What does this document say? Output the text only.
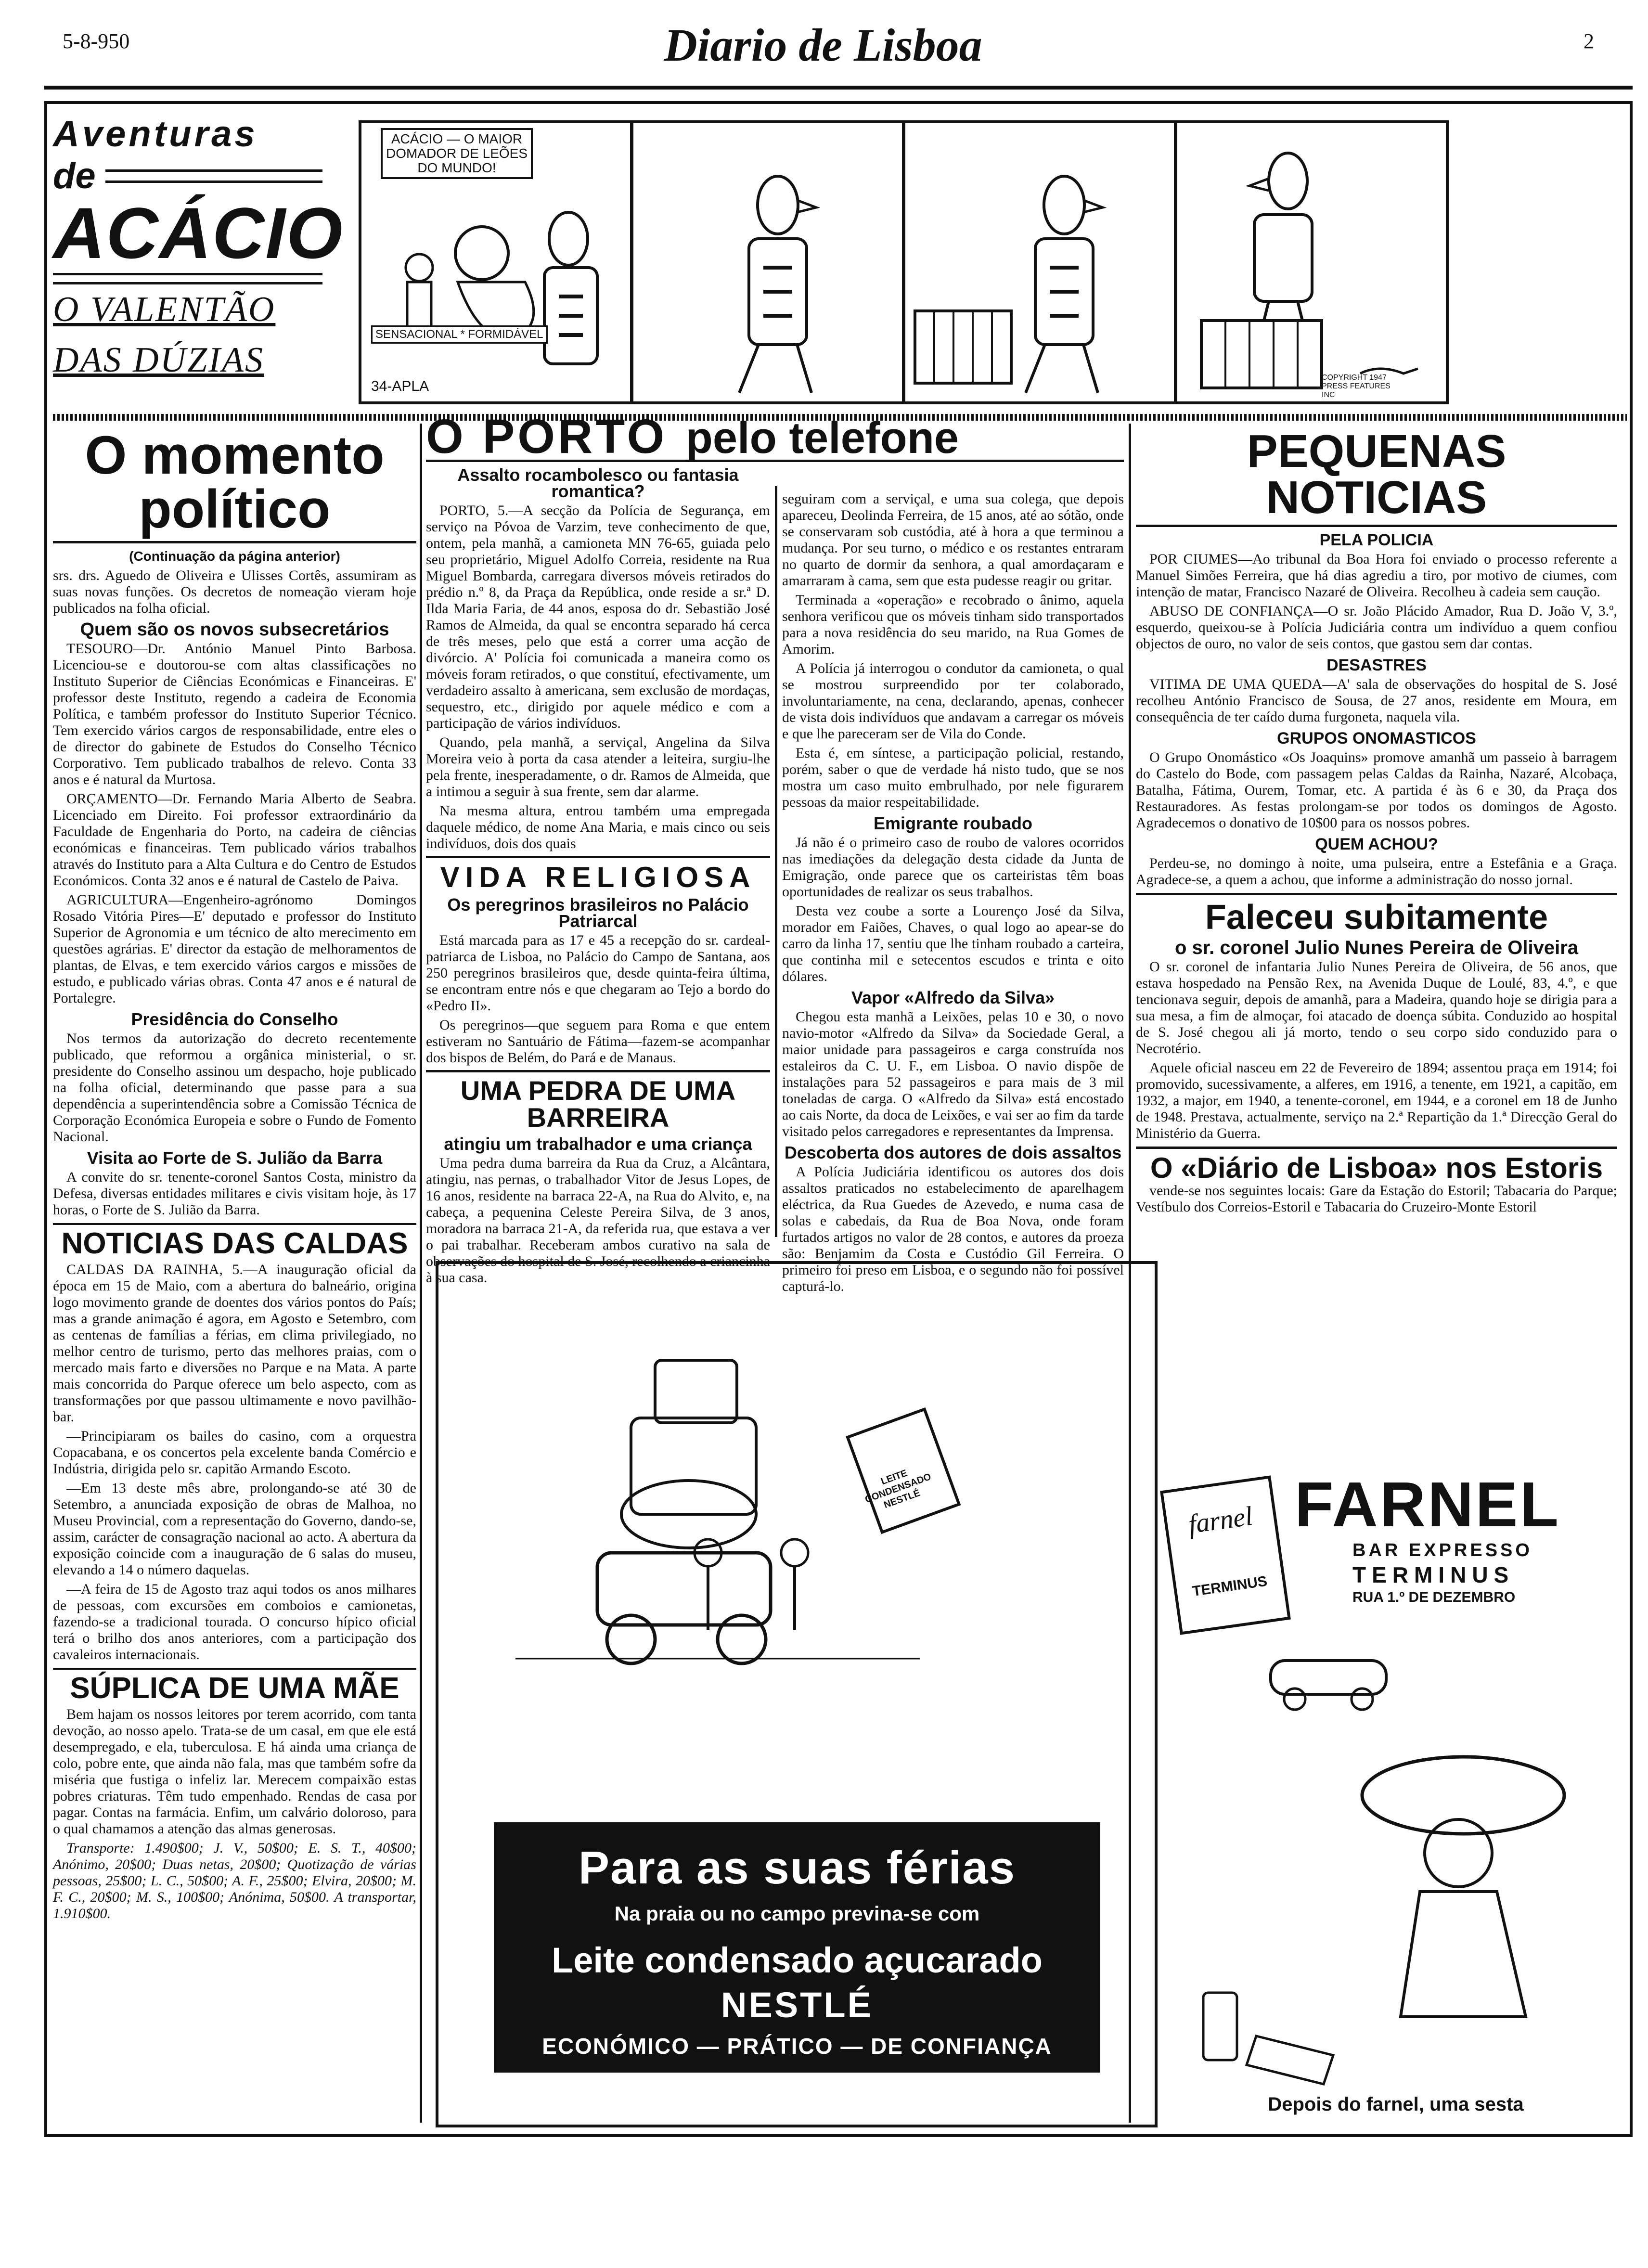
5-8-950	Diario de Lisboa	2
Aventuras
de
ACÁCIO
O VALENTÃO
DAS DÚZIAS
ACÁCIO — O MAIOR DOMADOR DE LEÕES DO MUNDO!
SENSACIONAL * FORMIDÁVEL
34-APLA
COPYRIGHT 1947 PRESS FEATURES INC
O momento político
(Continuação da página anterior)

srs. drs. Aguedo de Oliveira e Ulisses Cortês, assumiram as suas novas funções. Os decretos de nomeação vieram hoje publicados na folha oficial.

Quem são os novos subsecretários

TESOURO—Dr. António Manuel Pinto Barbosa. Licenciou-se e doutorou-se com altas classificações no Instituto Superior de Ciências Económicas e Financeiras. E' professor deste Instituto, regendo a cadeira de Economia Política, e também professor do Instituto Superior Técnico. Tem exercido vários cargos de responsabilidade, entre eles o de director do gabinete de Estudos do Conselho Técnico Corporativo. Tem publicado trabalhos de relevo. Conta 33 anos e é natural da Murtosa.

ORÇAMENTO—Dr. Fernando Maria Alberto de Seabra. Licenciado em Direito. Foi professor extraordinário da Faculdade de Engenharia do Porto, na cadeira de ciências económicas e financeiras. Tem publicado vários trabalhos através do Instituto para a Alta Cultura e do Centro de Estudos Económicos. Conta 32 anos e é natural de Castelo de Paiva.

AGRICULTURA—Engenheiro-agrónomo Domingos Rosado Vitória Pires—E' deputado e professor do Instituto Superior de Agronomia e um técnico de alto merecimento em questões agrárias. E' director da estação de melhoramentos de plantas, de Elvas, e tem exercido vários cargos e missões de estudo, e publicado várias obras. Conta 47 anos e é natural de Portalegre.

Presidência do Conselho

Nos termos da autorização do decreto recentemente publicado, que reformou a orgânica ministerial, o sr. presidente do Conselho assinou um despacho, hoje publicado na folha oficial, determinando que passe para a sua dependência a superintendência sobre a Comissão Técnica de Corporação Económica Europeia e sobre o Fundo de Fomento Nacional.

Visita ao Forte de S. Julião da Barra

A convite do sr. tenente-coronel Santos Costa, ministro da Defesa, diversas entidades militares e civis visitam hoje, às 17 horas, o Forte de S. Julião da Barra.

NOTICIAS DAS CALDAS

CALDAS DA RAINHA, 5.—A inauguração oficial da época em 15 de Maio, com a abertura do balneário, origina logo movimento grande de doentes dos vários pontos do País; mas a grande animação é agora, em Agosto e Setembro, com as centenas de famílias a férias, em clima privilegiado, no melhor centro de turismo, perto das melhores praias, com o mercado mais farto e diversões no Parque e na Mata. A parte mais concorrida do Parque oferece um belo aspecto, com as transformações por que passou ultimamente e novo pavilhão-bar.

—Principiaram os bailes do casino, com a orquestra Copacabana, e os concertos pela excelente banda Comércio e Indústria, dirigida pelo sr. capitão Armando Escoto.

—Em 13 deste mês abre, prolongando-se até 30 de Setembro, a anunciada exposição de obras de Malhoa, no Museu Provincial, com a representação do Governo, dando-se, assim, carácter de consagração nacional ao acto. A abertura da exposição coincide com a inauguração de 6 salas do museu, elevando a 14 o número daquelas.

—A feira de 15 de Agosto traz aqui todos os anos milhares de pessoas, com excursões em comboios e camionetas, fazendo-se a tradicional tourada. O concurso hípico oficial terá o brilho dos anos anteriores, com a participação dos cavaleiros internacionais.

SÚPLICA DE UMA MÃE

Bem hajam os nossos leitores por terem acorrido, com tanta devoção, ao nosso apelo. Trata-se de um casal, em que ele está desempregado, e ela, tuberculosa. E há ainda uma criança de colo, pobre ente, que ainda não fala, mas que também sofre da miséria que fustiga o infeliz lar. Merecem compaixão estas pobres criaturas. Têm tudo empenhado. Rendas de casa por pagar. Contas na farmácia. Enfim, um calvário doloroso, para o qual chamamos a atenção das almas generosas.

Transporte: 1.490$00; J. V., 50$00; E. S. T., 40$00; Anónimo, 20$00; Duas netas, 20$00; Quotização de várias pessoas, 25$00; L. C., 50$00; A. F., 25$00; Elvira, 20$00; M. F. C., 20$00; M. S., 100$00; Anónima, 50$00. A transportar, 1.910$00.

O PORTO pelo telefone
Assalto rocambolesco ou fantasia romantica?

PORTO, 5.—A secção da Polícia de Segurança, em serviço na Póvoa de Varzim, teve conhecimento de que, ontem, pela manhã, a camioneta MN 76-65, guiada pelo seu proprietário, Miguel Adolfo Correia, residente na Rua Miguel Bombarda, carregara diversos móveis retirados do prédio n.º 8, da Praça da República, onde reside a sr.ª D. Ilda Maria Faria, de 44 anos, esposa do dr. Sebastião José Ramos de Almeida, da qual se encontra separado há cerca de três meses, pelo que está a correr uma acção de divórcio. A' Polícia foi comunicada a maneira como os móveis foram retirados, o que constituí, efectivamente, um verdadeiro assalto à americana, sem exclusão de mordaças, sequestro, etc., dirigido por aquele médico e com a participação de vários indivíduos.

Quando, pela manhã, a serviçal, Angelina da Silva Moreira veio à porta da casa atender a leiteira, surgiu-lhe pela frente, inesperadamente, o dr. Ramos de Almeida, que a intimou a seguir à sua frente, sem dar alarme.

Na mesma altura, entrou também uma empregada daquele médico, de nome Ana Maria, e mais cinco ou seis indivíduos, dois dos quais

VIDA RELIGIOSA
Os peregrinos brasileiros no Palácio Patriarcal

Está marcada para as 17 e 45 a recepção do sr. cardeal-patriarca de Lisboa, no Palácio do Campo de Santana, aos 250 peregrinos brasileiros que, desde quinta-feira última, se encontram entre nós e que chegaram ao Tejo a bordo do «Pedro II».

Os peregrinos—que seguem para Roma e que entem estiveram no Santuário de Fátima—fazem-se acompanhar dos bispos de Belém, do Pará e de Manaus.

UMA PEDRA DE UMA BARREIRA
atingiu um trabalhador e uma criança

Uma pedra duma barreira da Rua da Cruz, a Alcântara, atingiu, nas pernas, o trabalhador Vitor de Jesus Lopes, de 16 anos, residente na barraca 22-A, na Rua do Alvito, e, na cabeça, a pequenina Celeste Pereira Silva, de 3 anos, moradora na barraca 21-A, da referida rua, que estava a ver o pai trabalhar. Receberam ambos curativo na sala de observações do hospital de S. José, recolhendo a criancinha à sua casa.

seguiram com a serviçal, e uma sua colega, que depois apareceu, Deolinda Ferreira, de 15 anos, até ao sótão, onde se conservaram sob custódia, até à hora a que terminou a mudança. Por seu turno, o médico e os restantes entraram no quarto de dormir da senhora, a qual amordaçaram e amarraram à cama, sem que esta pudesse reagir ou gritar.

Terminada a «operação» e recobrado o ânimo, aquela senhora verificou que os móveis tinham sido transportados para a nova residência do seu marido, na Rua Gomes de Amorim.

A Polícia já interrogou o condutor da camioneta, o qual se mostrou surpreendido por ter colaborado, involuntariamente, na cena, declarando, apenas, conhecer de vista dois indivíduos que andavam a carregar os móveis e que lhe pareceram ser de Vila do Conde.

Esta é, em síntese, a participação policial, restando, porém, saber o que de verdade há nisto tudo, que se nos mostra um caso muito embrulhado, por nele figurarem pessoas da maior respeitabilidade.

Emigrante roubado

Já não é o primeiro caso de roubo de valores ocorridos nas imediações da delegação desta cidade da Junta de Emigração, onde parece que os carteiristas têm boas oportunidades de realizar os seus trabalhos.

Desta vez coube a sorte a Lourenço José da Silva, morador em Faiões, Chaves, o qual logo ao apear-se do carro da linha 17, sentiu que lhe tinham roubado a carteira, que continha mil e setecentos escudos e trinta e oito dólares.

Vapor «Alfredo da Silva»

Chegou esta manhã a Leixões, pelas 10 e 30, o novo navio-motor «Alfredo da Silva» da Sociedade Geral, a maior unidade para passageiros e carga construída nos estaleiros da C. U. F., em Lisboa. O navio dispõe de instalações para 52 passageiros e para mais de 3 mil toneladas de carga. O «Alfredo da Silva» está encostado ao cais Norte, da doca de Leixões, e vai ser ao fim da tarde visitado pelos carregadores e representantes da Imprensa.

Descoberta dos autores de dois assaltos

A Polícia Judiciária identificou os autores dos dois assaltos praticados no estabelecimento de aparelhagem eléctrica, da Rua Guedes de Azevedo, e numa casa de solas e cabedais, da Rua de Boa Nova, onde foram furtados artigos no valor de 28 contos, e autores da proeza são: Benjamim da Costa e Custódio Gil Ferreira. O primeiro foi preso em Lisboa, e o segundo não foi possível capturá-lo.

PEQUENAS NOTICIAS
PELA POLICIA

POR CIUMES—Ao tribunal da Boa Hora foi enviado o processo referente a Manuel Simões Ferreira, que há dias agrediu a tiro, por motivo de ciumes, com intenção de matar, Francisco Nazaré de Oliveira. Recolheu à cadeia sem caução.

ABUSO DE CONFIANÇA—O sr. João Plácido Amador, Rua D. João V, 3.º, esquerdo, queixou-se à Polícia Judiciária contra um indivíduo a quem confiou objectos de ouro, no valor de seis contos, que gastou sem dar contas.

DESASTRES

VITIMA DE UMA QUEDA—A' sala de observações do hospital de S. José recolheu António Francisco de Sousa, de 27 anos, residente em Moura, em consequência de ter caído duma furgoneta, naquela vila.

GRUPOS ONOMASTICOS

O Grupo Onomástico «Os Joaquins» promove amanhã um passeio à barragem do Castelo do Bode, com passagem pelas Caldas da Rainha, Nazaré, Alcobaça, Batalha, Fátima, Ourem, Tomar, etc. A partida é às 6 e 30, da Praça dos Restauradores. As festas prolongam-se por todos os domingos de Agosto. Agradecemos o donativo de 10$00 para os nossos pobres.

QUEM ACHOU?

Perdeu-se, no domingo à noite, uma pulseira, entre a Estefânia e a Graça. Agradece-se, a quem a achou, que informe a administração do nosso jornal.

Faleceu subitamente
o sr. coronel Julio Nunes Pereira de Oliveira

O sr. coronel de infantaria Julio Nunes Pereira de Oliveira, de 56 anos, que estava hospedado na Pensão Rex, na Avenida Duque de Loulé, 83, 4.º, e que tencionava seguir, depois de amanhã, para a Madeira, quando hoje se dirigia para a sua mesa, a fim de almoçar, foi atacado de doença súbita. Conduzido ao hospital de S. José chegou ali já morto, tendo o seu corpo sido conduzido para o Necrotério.

Aquele oficial nasceu em 22 de Fevereiro de 1894; assentou praça em 1914; foi promovido, sucessivamente, a alferes, em 1916, a tenente, em 1921, a capitão, em 1932, a major, em 1940, a tenente-coronel, em 1944, e a coronel em 18 de Junho de 1948. Prestava, actualmente, serviço na 2.ª Repartição da 1.ª Direcção Geral do Ministério da Guerra.

O «Diário de Lisboa» nos Estoris

vende-se nos seguintes locais: Gare da Estação do Estoril; Tabacaria do Parque; Vestíbulo dos Correios-Estoril e Tabacaria do Cruzeiro-Monte Estoril

LEITE CONDENSADO NESTLÉ
Para as suas férias
Na praia ou no campo previna-se com
Leite condensado açucarado
NESTLÉ
ECONÓMICO — PRÁTICO — DE CONFIANÇA
farnel
TERMINUS
FARNEL
BAR EXPRESSO
TERMINUS
RUA 1.º DE DEZEMBRO
Depois do farnel, uma sesta
